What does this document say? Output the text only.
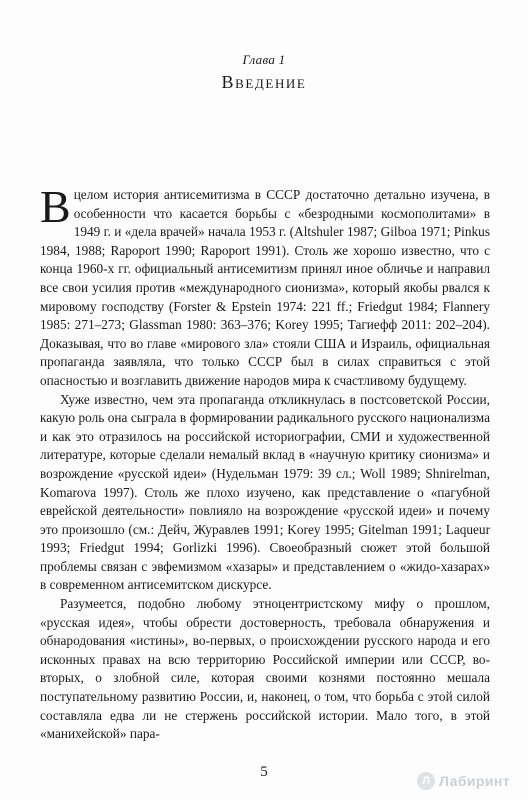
Глава 1
Введение

Вцелом история антисемитизма в СССР достаточно детально изучена, в особенности что касается борьбы с «безродными космополитами» в 1949 г. и «дела врачей» начала 1953 г. (Altshuler 1987; Gilboa 1971; Pinkus 1984, 1988; Rapoport 1990; Rapoport 1991). Столь же хорошо известно, что с конца 1960-х гг. официальный антисемитизм принял иное обличье и направил все свои усилия против «международного сионизма», который якобы рвался к мировому господству (Forster & Epstein 1974: 221 ff.; Friedgut 1984; Flannery 1985: 271–273; Glassman 1980: 363–376; Korey 1995; Тагиефф 2011: 202–204). Доказывая, что во главе «мирового зла» стояли США и Израиль, официальная пропаганда заявляла, что только СССР был в силах справиться с этой опасностью и возглавить движение народов мира к счастливому будущему.

Хуже известно, чем эта пропаганда откликнулась в постсоветской России, какую роль она сыграла в формировании радикального русского национализма и как это отразилось на российской историографии, СМИ и художественной литературе, которые сделали немалый вклад в «научную критику сионизма» и возрождение «русской идеи» (Нудельман 1979: 39 сл.; Woll 1989; Shnirelman, Komarova 1997). Столь же плохо изучено, как представление о «пагубной еврейской деятельности» повлияло на возрождение «русской идеи» и почему это произошло (см.: Дейч, Журавлев 1991; Korey 1995; Gitelman 1991; Laqueur 1993; Friedgut 1994; Gorlizki 1996). Своеобразный сюжет этой большой проблемы связан с эвфемизмом «хазары» и представлением о «жидо-хазарах» в современном антисемитском дискурсе.

Разумеется, подобно любому этноцентристскому мифу о прошлом, «русская идея», чтобы обрести достоверность, требовала обнаружения и обнародования «истины», во-первых, о происхождении русского народа и его исконных правах на всю территорию Российской империи или СССР, во-вторых, о злобной силе, которая своими кознями постоянно мешала поступательному развитию России, и, наконец, о том, что борьба с этой силой составляла едва ли не стержень российской истории. Мало того, в этой «манихейской» пара-

5
Л Лабиринт
